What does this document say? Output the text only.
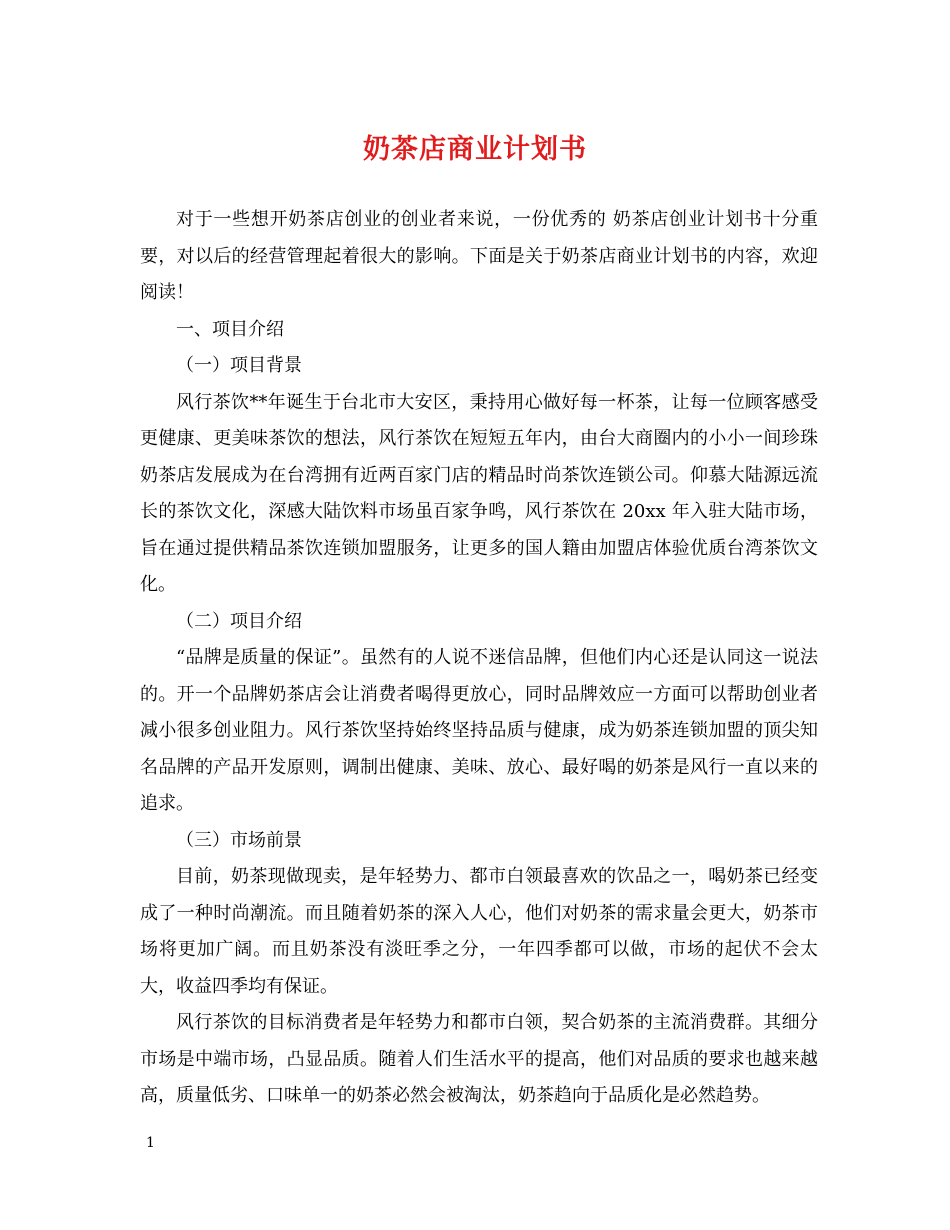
奶茶店商业计划书

对于一些想开奶茶店创业的创业者来说，一份优秀的 奶茶店创业计划书十分重要，对以后的经营管理起着很大的影响。下面是关于奶茶店商业计划书的内容，欢迎阅读！

一、项目介绍

（一）项目背景

风行茶饮**年诞生于台北市大安区，秉持用心做好每一杯茶，让每一位顾客感受更健康、更美味茶饮的想法，风行茶饮在短短五年内，由台大商圈内的小小一间珍珠奶茶店发展成为在台湾拥有近两百家门店的精品时尚茶饮连锁公司。仰慕大陆源远流长的茶饮文化，深感大陆饮料市场虽百家争鸣，风行茶饮在 20xx 年入驻大陆市场，旨在通过提供精品茶饮连锁加盟服务，让更多的国人籍由加盟店体验优质台湾茶饮文化。

（二）项目介绍

“品牌是质量的保证”。虽然有的人说不迷信品牌，但他们内心还是认同这一说法的。开一个品牌奶茶店会让消费者喝得更放心，同时品牌效应一方面可以帮助创业者减小很多创业阻力。风行茶饮坚持始终坚持品质与健康，成为奶茶连锁加盟的顶尖知名品牌的产品开发原则，调制出健康、美味、放心、最好喝的奶茶是风行一直以来的追求。

（三）市场前景

目前，奶茶现做现卖，是年轻势力、都市白领最喜欢的饮品之一，喝奶茶已经变成了一种时尚潮流。而且随着奶茶的深入人心，他们对奶茶的需求量会更大，奶茶市场将更加广阔。而且奶茶没有淡旺季之分，一年四季都可以做，市场的起伏不会太大，收益四季均有保证。

风行茶饮的目标消费者是年轻势力和都市白领，契合奶茶的主流消费群。其细分市场是中端市场，凸显品质。随着人们生活水平的提高，他们对品质的要求也越来越高，质量低劣、口味单一的奶茶必然会被淘汰，奶茶趋向于品质化是必然趋势。

1
